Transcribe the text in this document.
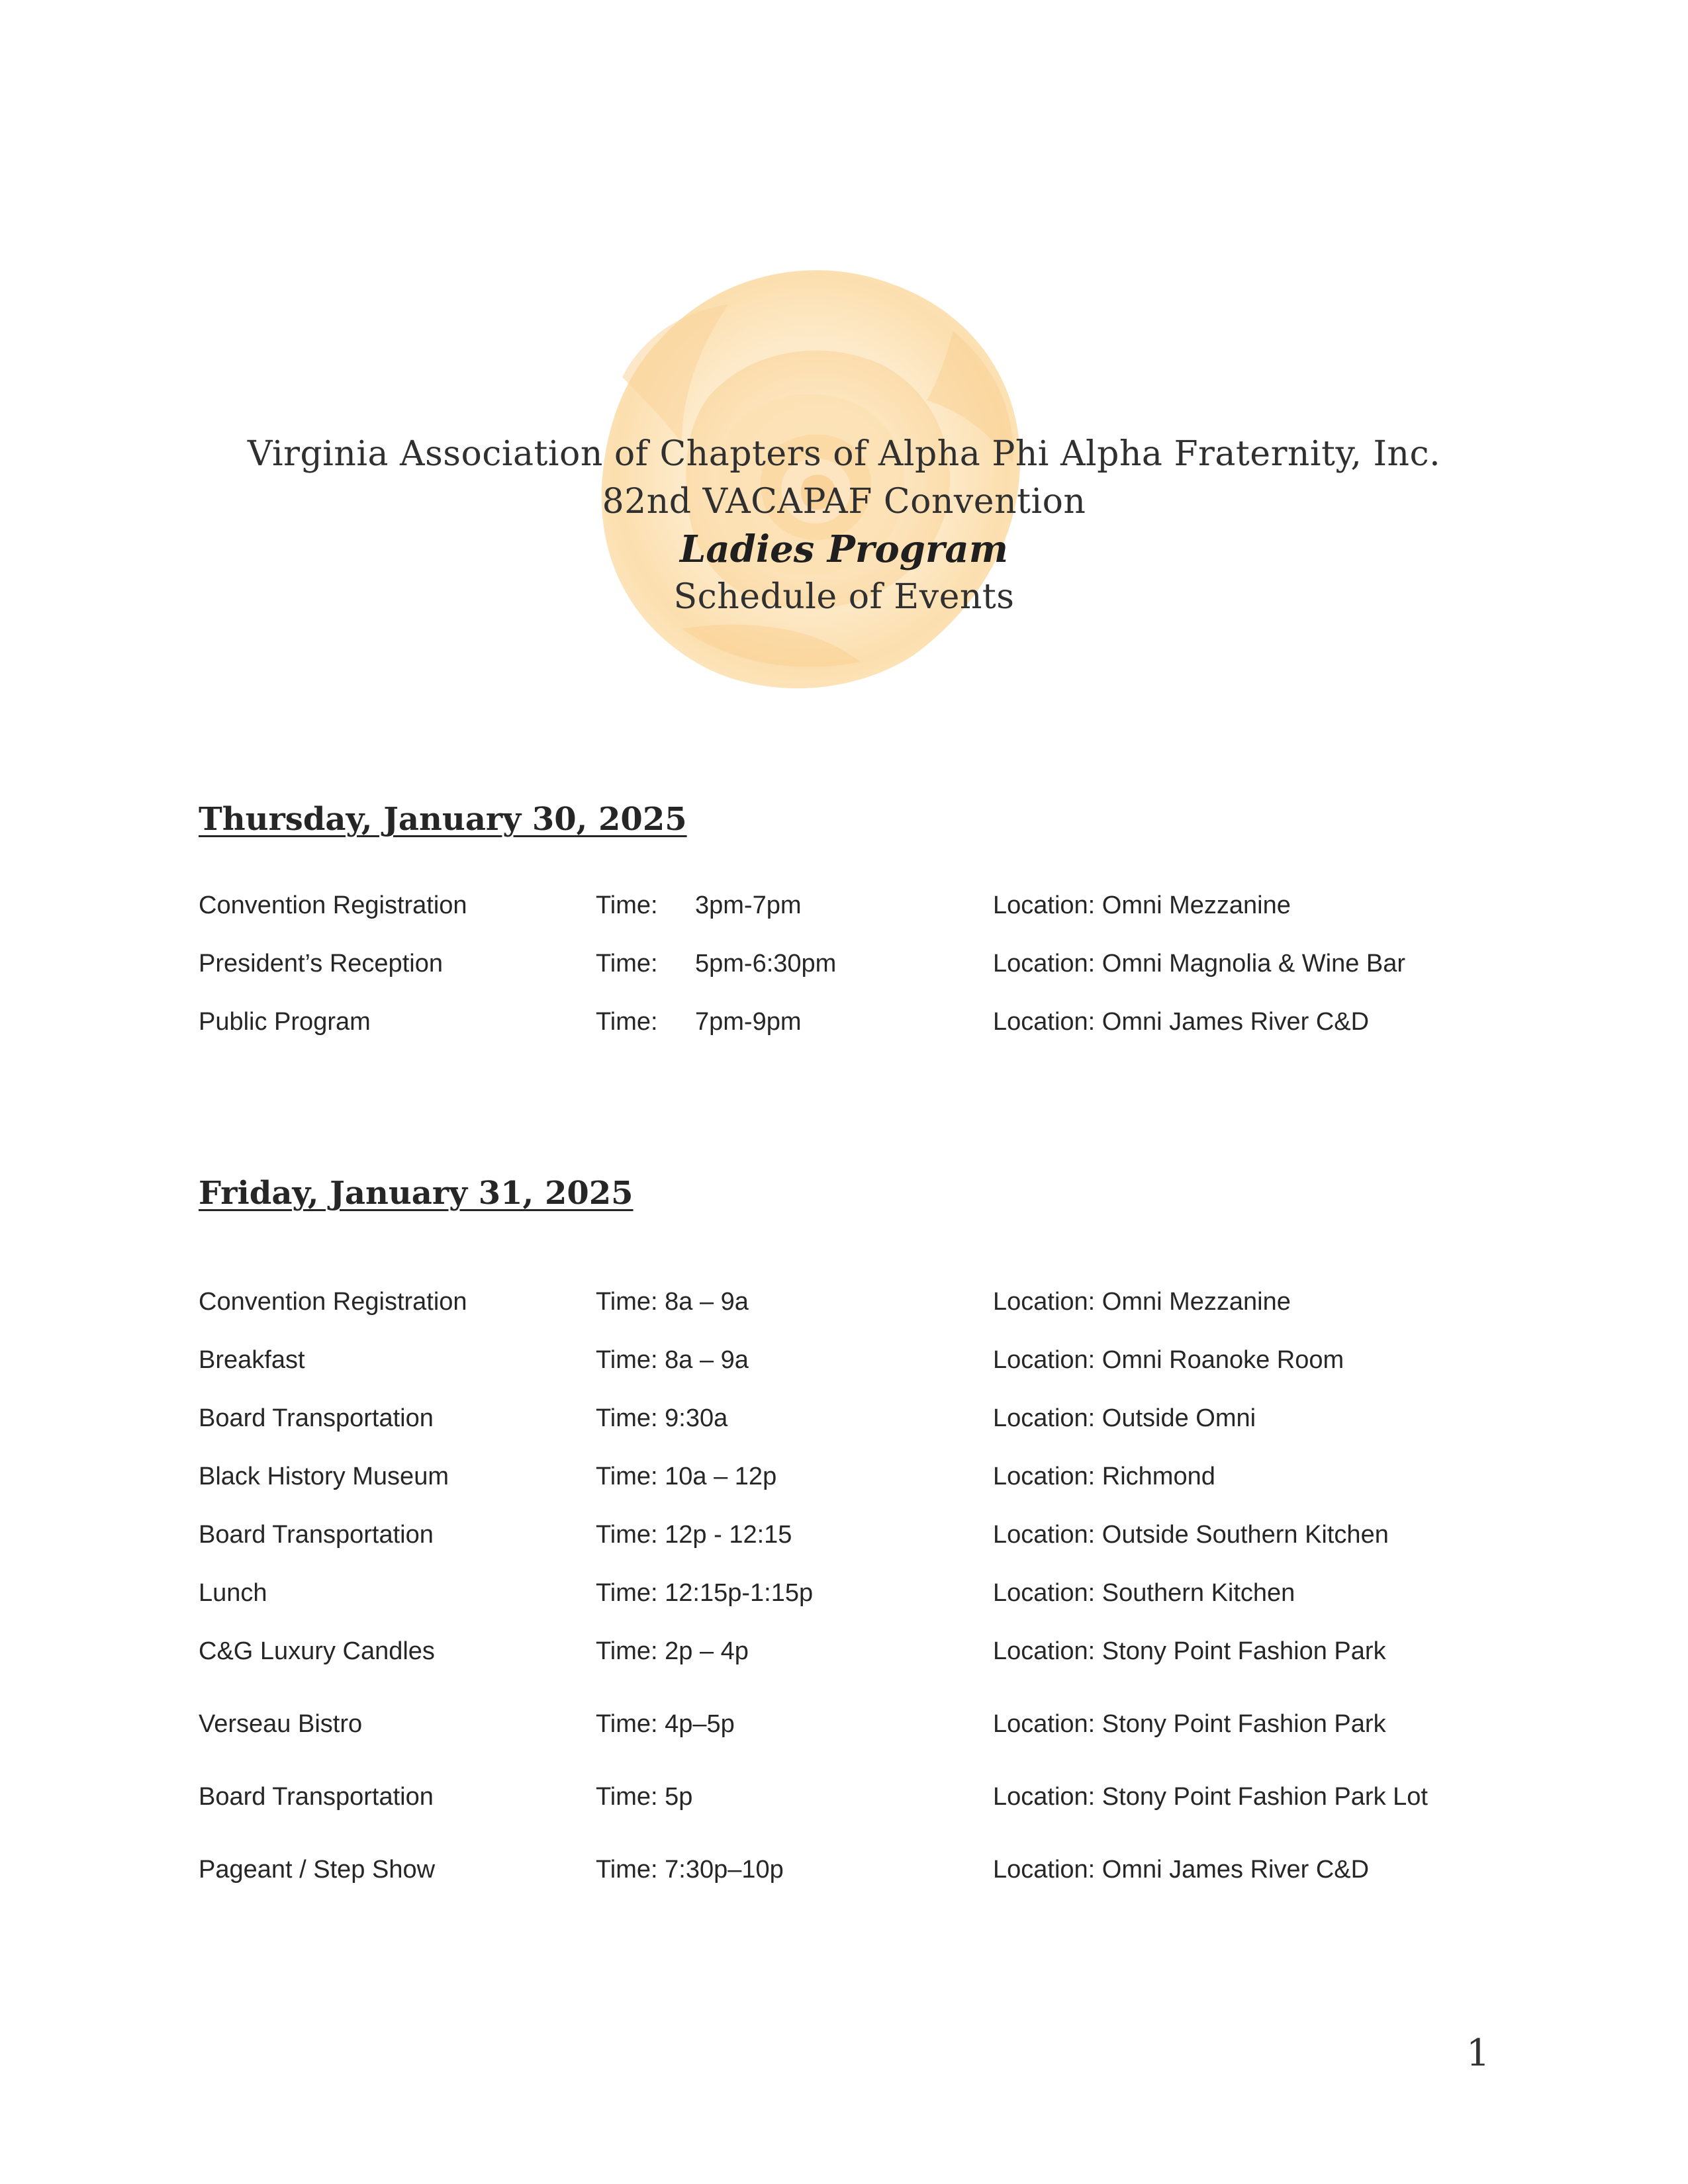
Virginia Association of Chapters of Alpha Phi Alpha Fraternity, Inc.
82nd VACAPAF Convention
Ladies Program
Schedule of Events
Thursday, January 30, 2025
Convention Registration	Time: 3pm-7pm	Location: Omni Mezzanine
President’s Reception	Time: 5pm-6:30pm	Location: Omni Magnolia & Wine Bar
Public Program	Time: 7pm-9pm	Location: Omni James River C&D
Friday, January 31, 2025
Convention Registration	Time: 8a – 9a	Location: Omni Mezzanine
Breakfast	Time: 8a – 9a	Location: Omni Roanoke Room
Board Transportation	Time: 9:30a	Location: Outside Omni
Black History Museum	Time: 10a – 12p	Location: Richmond
Board Transportation	Time: 12p - 12:15	Location: Outside Southern Kitchen
Lunch	Time: 12:15p-1:15p	Location: Southern Kitchen
C&G Luxury Candles	Time: 2p – 4p	Location: Stony Point Fashion Park
Verseau Bistro	Time: 4p–5p	Location: Stony Point Fashion Park
Board Transportation	Time: 5p	Location: Stony Point Fashion Park Lot
Pageant / Step Show	Time: 7:30p–10p	Location: Omni James River C&D
1
